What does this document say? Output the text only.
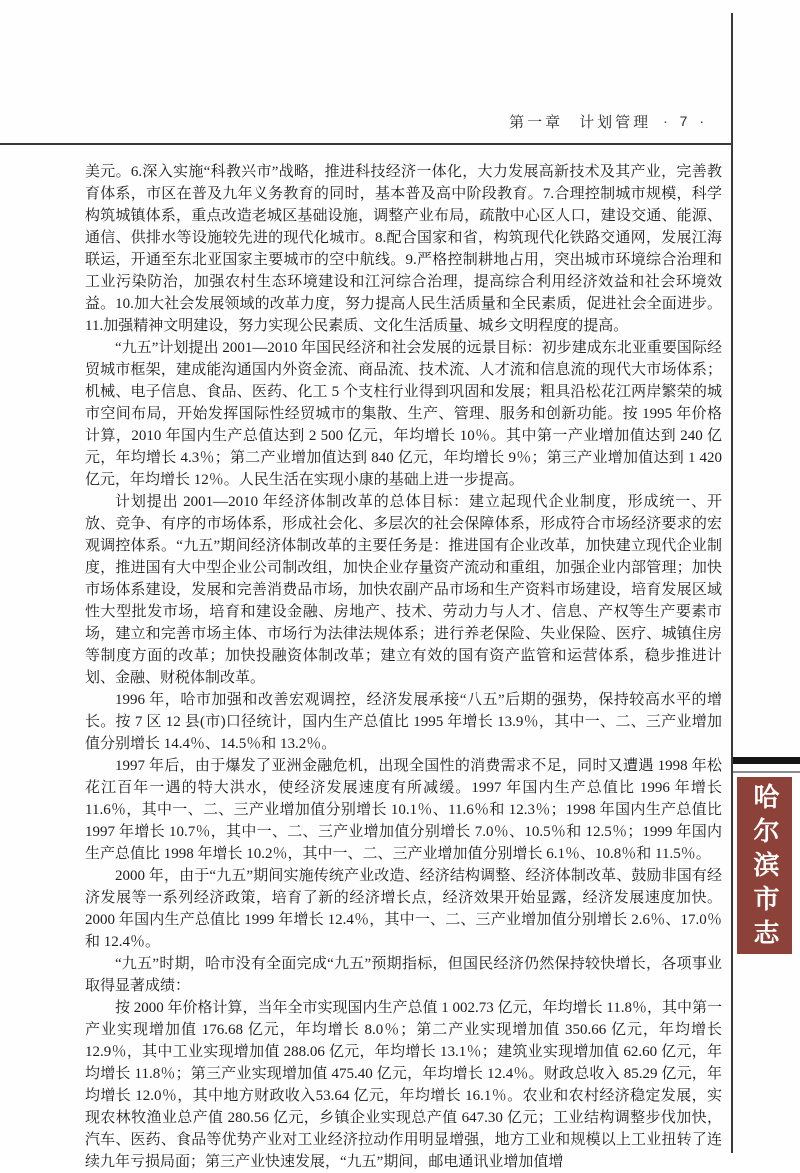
第一章 计划管理 · 7 ·

美元。6.深入实施“科教兴市”战略，推进科技经济一体化，大力发展高新技术及其产业，完善教育体系，市区在普及九年义务教育的同时，基本普及高中阶段教育。7.合理控制城市规模，科学构筑城镇体系，重点改造老城区基础设施，调整产业布局，疏散中心区人口，建设交通、能源、通信、供排水等设施较先进的现代化城市。8.配合国家和省，构筑现代化铁路交通网，发展江海联运，开通至东北亚国家主要城市的空中航线。9.严格控制耕地占用，突出城市环境综合治理和工业污染防治，加强农村生态环境建设和江河综合治理，提高综合利用经济效益和社会环境效益。10.加大社会发展领域的改革力度，努力提高人民生活质量和全民素质，促进社会全面进步。11.加强精神文明建设，努力实现公民素质、文化生活质量、城乡文明程度的提高。

“九五”计划提出 2001—2010 年国民经济和社会发展的远景目标：初步建成东北亚重要国际经贸城市框架，建成能沟通国内外资金流、商品流、技术流、人才流和信息流的现代大市场体系；机械、电子信息、食品、医药、化工 5 个支柱行业得到巩固和发展；粗具沿松花江两岸繁荣的城市空间布局，开始发挥国际性经贸城市的集散、生产、管理、服务和创新功能。按 1995 年价格计算，2010 年国内生产总值达到 2 500 亿元，年均增长 10％。其中第一产业增加值达到 240 亿元，年均增长 4.3％；第二产业增加值达到 840 亿元，年均增长 9％；第三产业增加值达到 1 420 亿元，年均增长 12％。人民生活在实现小康的基础上进一步提高。

计划提出 2001—2010 年经济体制改革的总体目标：建立起现代企业制度，形成统一、开放、竞争、有序的市场体系，形成社会化、多层次的社会保障体系，形成符合市场经济要求的宏观调控体系。“九五”期间经济体制改革的主要任务是：推进国有企业改革，加快建立现代企业制度，推进国有大中型企业公司制改组，加快企业存量资产流动和重组，加强企业内部管理；加快市场体系建设，发展和完善消费品市场，加快农副产品市场和生产资料市场建设，培育发展区域性大型批发市场，培育和建设金融、房地产、技术、劳动力与人才、信息、产权等生产要素市场，建立和完善市场主体、市场行为法律法规体系；进行养老保险、失业保险、医疗、城镇住房等制度方面的改革；加快投融资体制改革；建立有效的国有资产监管和运营体系，稳步推进计划、金融、财税体制改革。

1996 年，哈市加强和改善宏观调控，经济发展承接“八五”后期的强势，保持较高水平的增长。按 7 区 12 县(市)口径统计，国内生产总值比 1995 年增长 13.9％，其中一、二、三产业增加值分别增长 14.4％、14.5％和 13.2％。

1997 年后，由于爆发了亚洲金融危机，出现全国性的消费需求不足，同时又遭遇 1998 年松花江百年一遇的特大洪水，使经济发展速度有所减缓。1997 年国内生产总值比 1996 年增长 11.6％，其中一、二、三产业增加值分别增长 10.1％、11.6％和 12.3％；1998 年国内生产总值比 1997 年增长 10.7％，其中一、二、三产业增加值分别增长 7.0％、10.5％和 12.5％；1999 年国内生产总值比 1998 年增长 10.2％，其中一、二、三产业增加值分别增长 6.1％、10.8％和 11.5％。

2000 年，由于“九五”期间实施传统产业改造、经济结构调整、经济体制改革、鼓励非国有经济发展等一系列经济政策，培育了新的经济增长点，经济效果开始显露，经济发展速度加快。2000 年国内生产总值比 1999 年增长 12.4％，其中一、二、三产业增加值分别增长 2.6％、17.0％和 12.4％。

“九五”时期，哈市没有全面完成“九五”预期指标，但国民经济仍然保持较快增长，各项事业取得显著成绩：

按 2000 年价格计算，当年全市实现国内生产总值 1 002.73 亿元，年均增长 11.8％，其中第一产业实现增加值 176.68 亿元，年均增长 8.0％；第二产业实现增加值 350.66 亿元，年均增长 12.9％，其中工业实现增加值 288.06 亿元，年均增长 13.1％；建筑业实现增加值 62.60 亿元，年均增长 11.8％；第三产业实现增加值 475.40 亿元，年均增长 12.4％。财政总收入 85.29 亿元，年均增长 12.0％，其中地方财政收入53.64 亿元，年均增长 16.1％。农业和农村经济稳定发展，实现农林牧渔业总产值 280.56 亿元，乡镇企业实现总产值 647.30 亿元；工业结构调整步伐加快，汽车、医药、食品等优势产业对工业经济拉动作用明显增强，地方工业和规模以上工业扭转了连续九年亏损局面；第三产业快速发展，“九五”期间，邮电通讯业增加值增

哈尔滨市志
